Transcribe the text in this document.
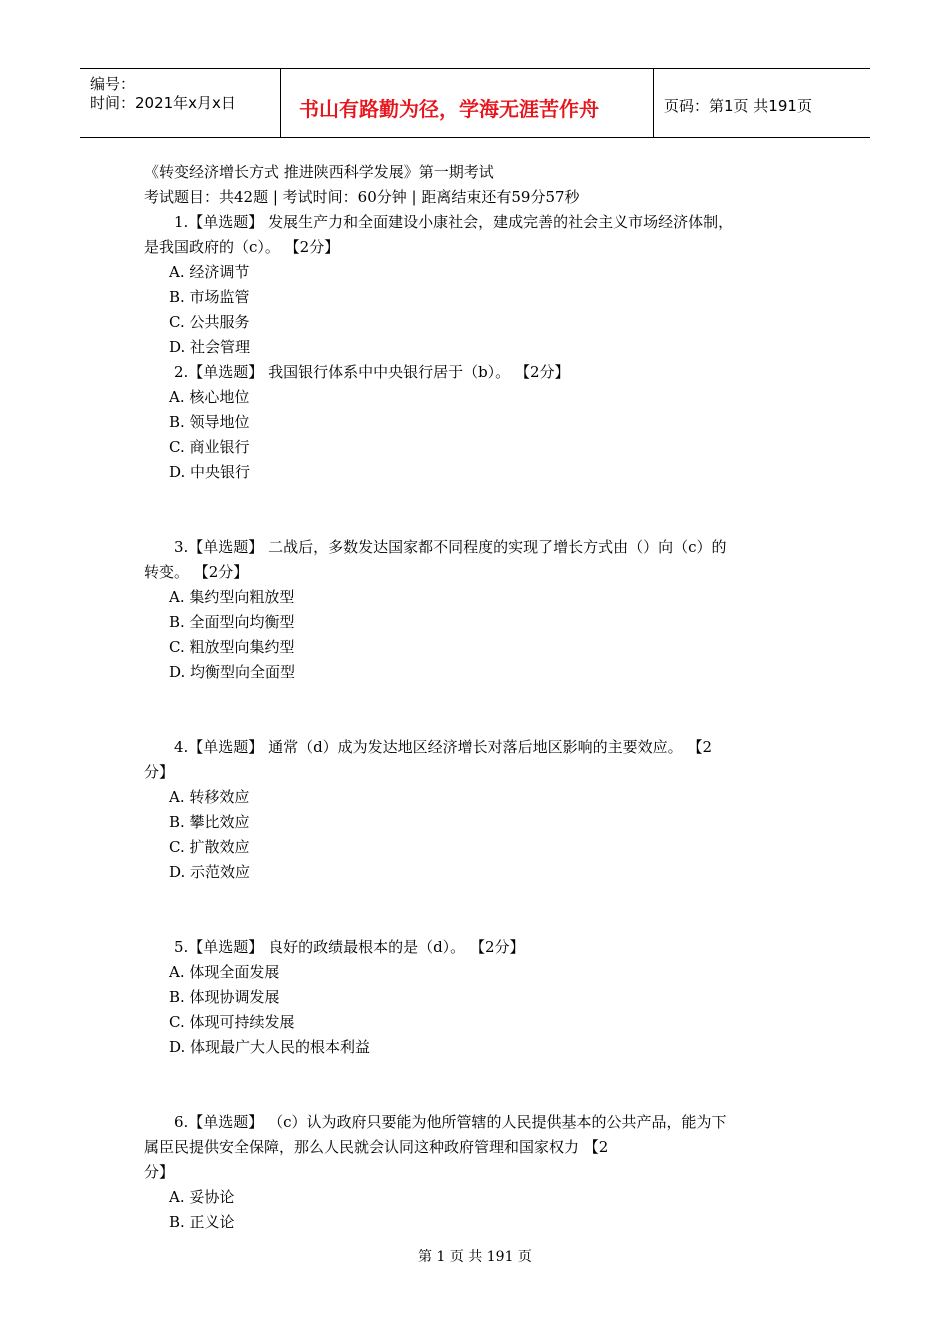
编号：
时间：2021年x月x日	书山有路勤为径，学海无涯苦作舟	页码：第1页 共191页
《转变经济增长方式 推进陕西科学发展》第一期考试
考试题目：共42题 | 考试时间：60分钟 | 距离结束还有59分57秒
1.【单选题】 发展生产力和全面建设小康社会，建成完善的社会主义市场经济体制，
是我国政府的（c）。 【2分】
A. 经济调节
B. 市场监管
C. 公共服务
D. 社会管理
2.【单选题】 我国银行体系中中央银行居于（b）。 【2分】
A. 核心地位
B. 领导地位
C. 商业银行
D. 中央银行
3.【单选题】 二战后，多数发达国家都不同程度的实现了增长方式由（）向（c）的
转变。 【2分】
A. 集约型向粗放型
B. 全面型向均衡型
C. 粗放型向集约型
D. 均衡型向全面型
4.【单选题】 通常（d）成为发达地区经济增长对落后地区影响的主要效应。 【2
分】
A. 转移效应
B. 攀比效应
C. 扩散效应
D. 示范效应
5.【单选题】 良好的政绩最根本的是（d）。 【2分】
A. 体现全面发展
B. 体现协调发展
C. 体现可持续发展
D. 体现最广大人民的根本利益
6.【单选题】 （c）认为政府只要能为他所管辖的人民提供基本的公共产品，能为下
属臣民提供安全保障，那么人民就会认同这种政府管理和国家权力 【2
分】
A. 妥协论
B. 正义论
第 1 页 共 191 页
